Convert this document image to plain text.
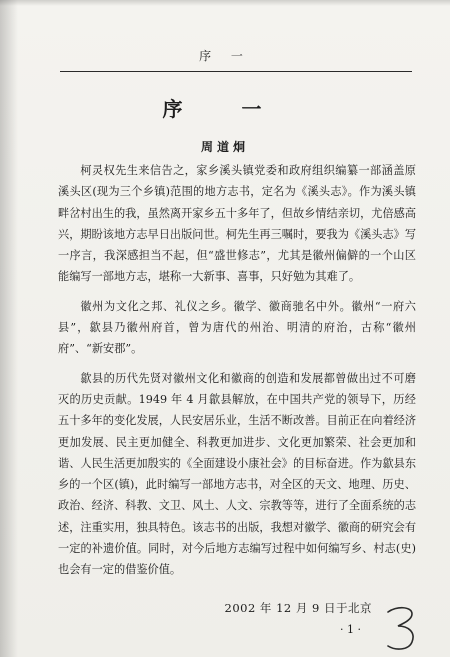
序 一
序 一
周道炯

柯灵权先生来信告之，家乡溪头镇党委和政府组织编纂一部涵盖原溪头区(现为三个乡镇)范围的地方志书，定名为《溪头志》。作为溪头镇畔岔村出生的我，虽然离开家乡五十多年了，但故乡情结亲切，尤倍感高兴，期盼该地方志早日出版问世。柯先生再三嘱时，要我为《溪头志》写一序言，我深感担当不起，但“盛世修志”，尤其是徽州偏僻的一个山区能编写一部地方志，堪称一大新事、喜事，只好勉为其难了。

徽州为文化之邦、礼仪之乡。徽学、徽商驰名中外。徽州“一府六县”，歙县乃徽州府首，曾为唐代的州治、明清的府治，古称“徽州府”、“新安郡”。

歙县的历代先贤对徽州文化和徽商的创造和发展都曾做出过不可磨灭的历史贡献。1949 年 4 月歙县解放，在中国共产党的领导下，历经五十多年的变化发展，人民安居乐业，生活不断改善。目前正在向着经济更加发展、民主更加健全、科教更加进步、文化更加繁荣、社会更加和谐、人民生活更加殷实的《全面建设小康社会》的目标奋进。作为歙县东乡的一个区(镇)，此时编写一部地方志书，对全区的天文、地理、历史、政治、经济、科教、文卫、风土、人文、宗教等等，进行了全面系统的志述，注重实用，独具特色。该志书的出版，我想对徽学、徽商的研究会有一定的补遗价值。同时，对今后地方志编写过程中如何编写乡、村志(史)也会有一定的借鉴价值。

2002 年 12 月 9 日于北京
· 1 ·
